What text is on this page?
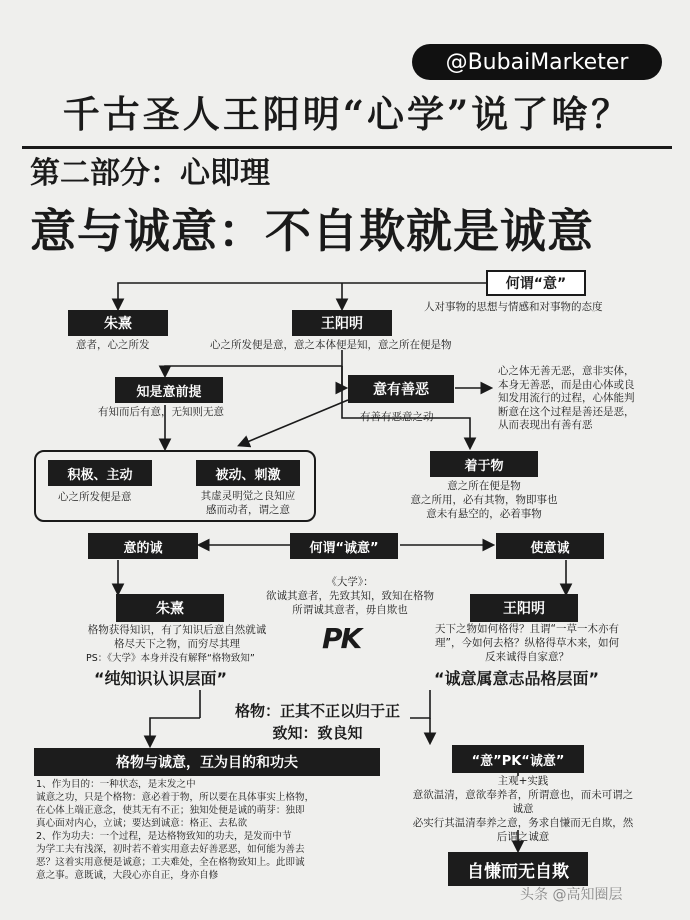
@BubaiMarketer
千古圣人王阳明“心学”说了啥？
第二部分：心即理
意与诚意：不自欺就是诚意
何谓“意”
人对事物的思想与情感和对事物的态度
朱熹
意者，心之所发
王阳明
心之所发便是意，意之本体便是知，意之所在便是物
知是意前提
有知而后有意，无知则无意
意有善恶
有善有恶意之动
心之体无善无恶，意非实体，
本身无善恶，而是由心体或良
知发用流行的过程，心体能判
断意在这个过程是善还是恶，
从而表现出有善有恶
积极、主动
心之所发便是意
被动、刺激
其虚灵明觉之良知应
感而动者，谓之意
着于物
意之所在便是物
意之所用，必有其物，物即事也
意未有悬空的，必着事物
意的诚	何谓“诚意”	使意诚
《大学》：
欲诚其意者，先致其知，致知在格物
所谓诚其意者，毋自欺也
PK
朱熹
格物获得知识，有了知识后意自然就诚
格尽天下之物，而穷尽其理
PS：《大学》本身并没有解释“格物致知”
王阳明
天下之物如何格得？且谓“一草一木亦有
理”，今如何去格？纵格得草木来，如何
反来诚得自家意？
“纯知识认识层面”	“诚意属意志品格层面”
格物：正其不正以归于正
致知：致良知
“意”PK“诚意”
主观+实践
意欲温清，意欲奉养者，所谓意也，而未可谓之
诚意
必实行其温清奉养之意，务求自慊而无自欺，然
后谓之诚意
格物与诚意，互为目的和功夫
1、作为目的：一种状态，是末发之中
诚意之功，只是个格物：意必着于物，所以要在具体事实上格物，
在心体上端正意念，使其无有不正；独知处便是诚的萌芽：独即
真心面对内心，立诚；要达到诚意：格正、去私欲
2、作为功夫：一个过程，是达格物致知的功夫，是发而中节
为学工夫有浅深，初时若不着实用意去好善恶恶，如何能为善去
恶？这着实用意便是诚意；工夫难处，全在格物致知上。此即诚
意之事。意既诚，大段心亦自正，身亦自修	自慊而无自欺
头条 @高知圈层
